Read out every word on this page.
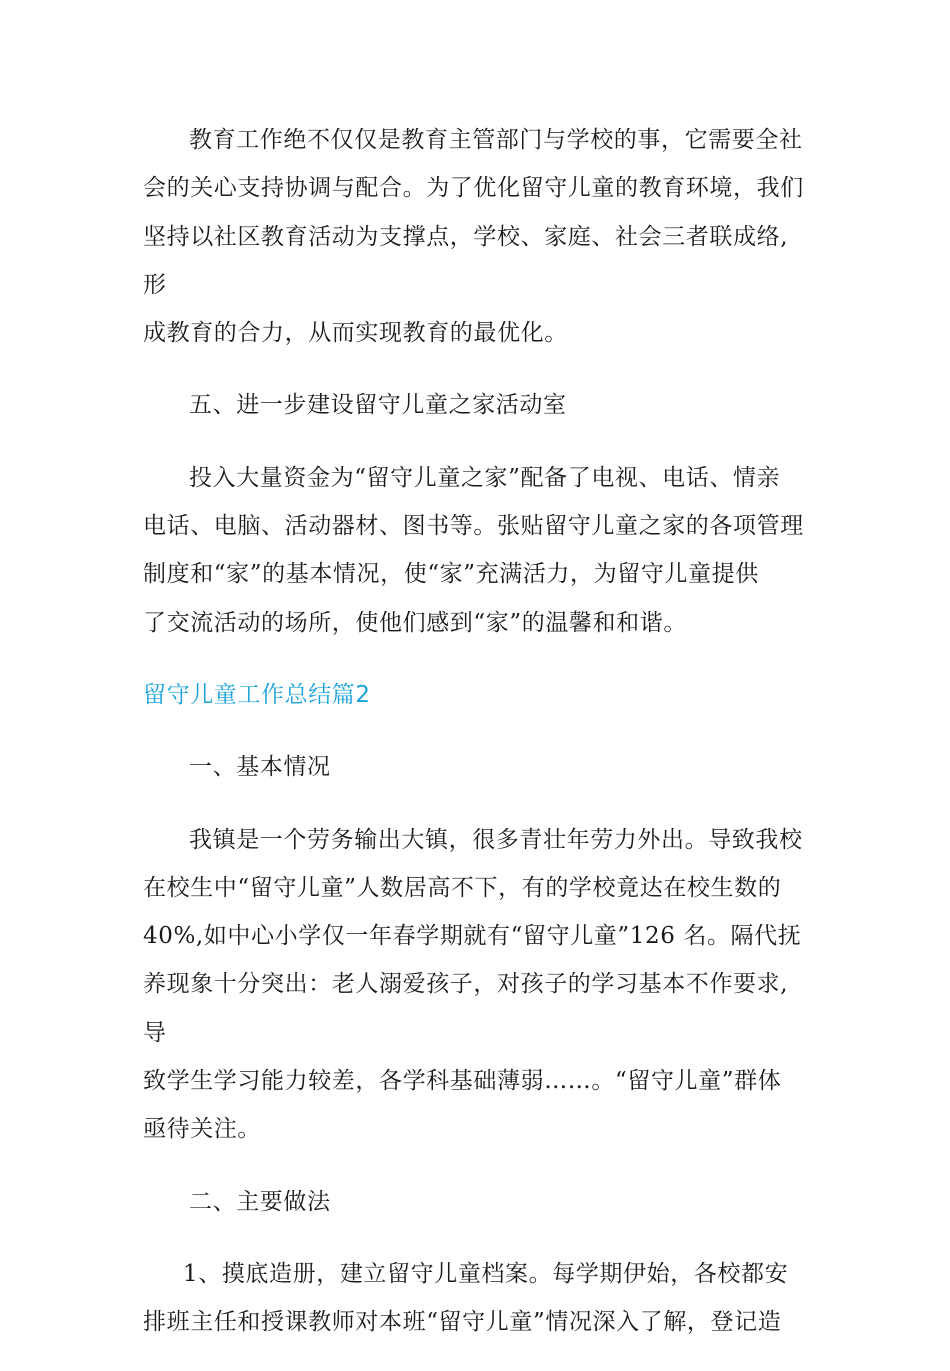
教育工作绝不仅仅是教育主管部门与学校的事，它需要全社
会的关心支持协调与配合。为了优化留守儿童的教育环境，我们
坚持以社区教育活动为支撑点，学校、家庭、社会三者联成络,形
成教育的合力，从而实现教育的最优化。

五、进一步建设留守儿童之家活动室

投入大量资金为“留守儿童之家”配备了电视、电话、情亲
电话、电脑、活动器材、图书等。张贴留守儿童之家的各项管理
制度和“家”的基本情况，使“家”充满活力，为留守儿童提供
了交流活动的场所，使他们感到“家”的温馨和和谐。

留守儿童工作总结篇2

一、基本情况

我镇是一个劳务输出大镇，很多青壮年劳力外出。导致我校
在校生中“留守儿童”人数居高不下，有的学校竟达在校生数的
40%,如中心小学仅一年春学期就有“留守儿童”126 名。隔代抚
养现象十分突出：老人溺爱孩子，对孩子的学习基本不作要求,导
致学生学习能力较差，各学科基础薄弱……。“留守儿童”群体
亟待关注。

二、主要做法

1、摸底造册，建立留守儿童档案。每学期伊始，各校都安
排班主任和授课教师对本班“留守儿童”情况深入了解，登记造
